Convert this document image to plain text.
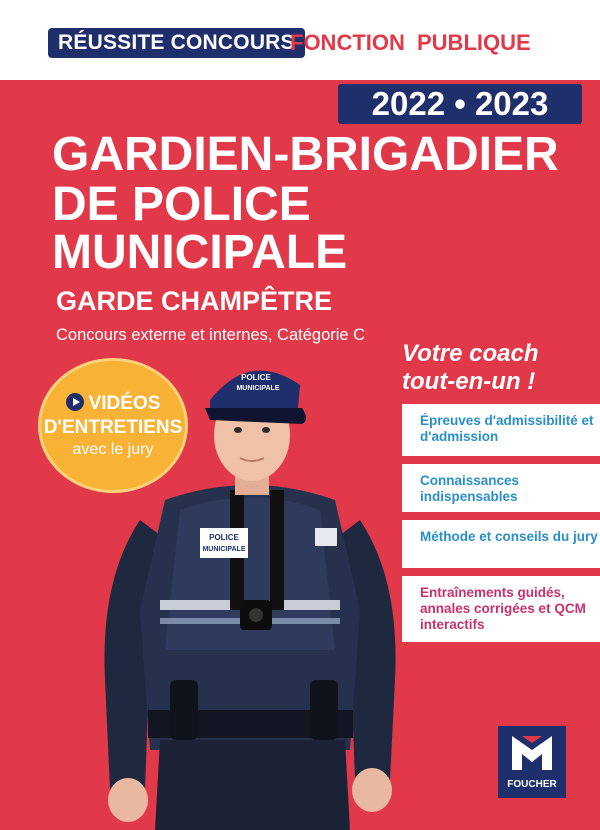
RÉUSSITE CONCOURS
FONCTION PUBLIQUE
2022 • 2023
GARDIEN-BRIGADIER
DE POLICE
MUNICIPALE
GARDE CHAMPÊTRE
Concours externe et internes, Catégorie C
POLICE
MUNICIPALE
POLICE
MUNICIPALE
VIDÉOS
D'ENTRETIENS
avec le jury
Votre coach
tout-en-un !
Épreuves d'admissibilité et d'admission
Connaissances indispensables
Méthode et conseils du jury
Entraînements guidés, annales corrigées et QCM interactifs
FOUCHER
